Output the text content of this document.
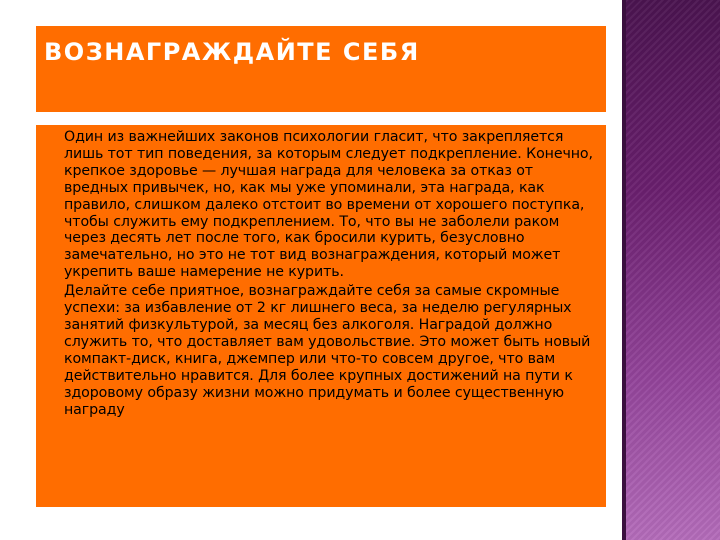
ВОЗНАГРАЖДАЙТЕ СЕБЯ

Один из важнейших законов психологии гласит, что закрепляется лишь тот тип поведения, за которым следует подкрепление. Конечно, крепкое здоровье — лучшая награда для человека за отказ от вредных привычек, но, как мы уже упоминали, эта награда, как правило, слишком далеко отстоит во времени от хорошего поступка, чтобы служить ему подкреплением. То, что вы не заболели раком через десять лет после того, как бросили курить, безусловно замечательно, но это не тот вид вознаграждения, который может укрепить ваше намерение не курить.

Делайте себе приятное, вознаграждайте себя за самые скромные успехи: за избавление от 2 кг лишнего веса, за неделю регулярных занятий физкультурой, за месяц без алкоголя. Наградой должно служить то, что доставляет вам удовольствие. Это может быть новый компакт-диск, книга, джемпер или что-то совсем другое, что вам действительно нравится. Для более крупных достижений на пути к здоровому образу жизни можно придумать и более существенную награду
